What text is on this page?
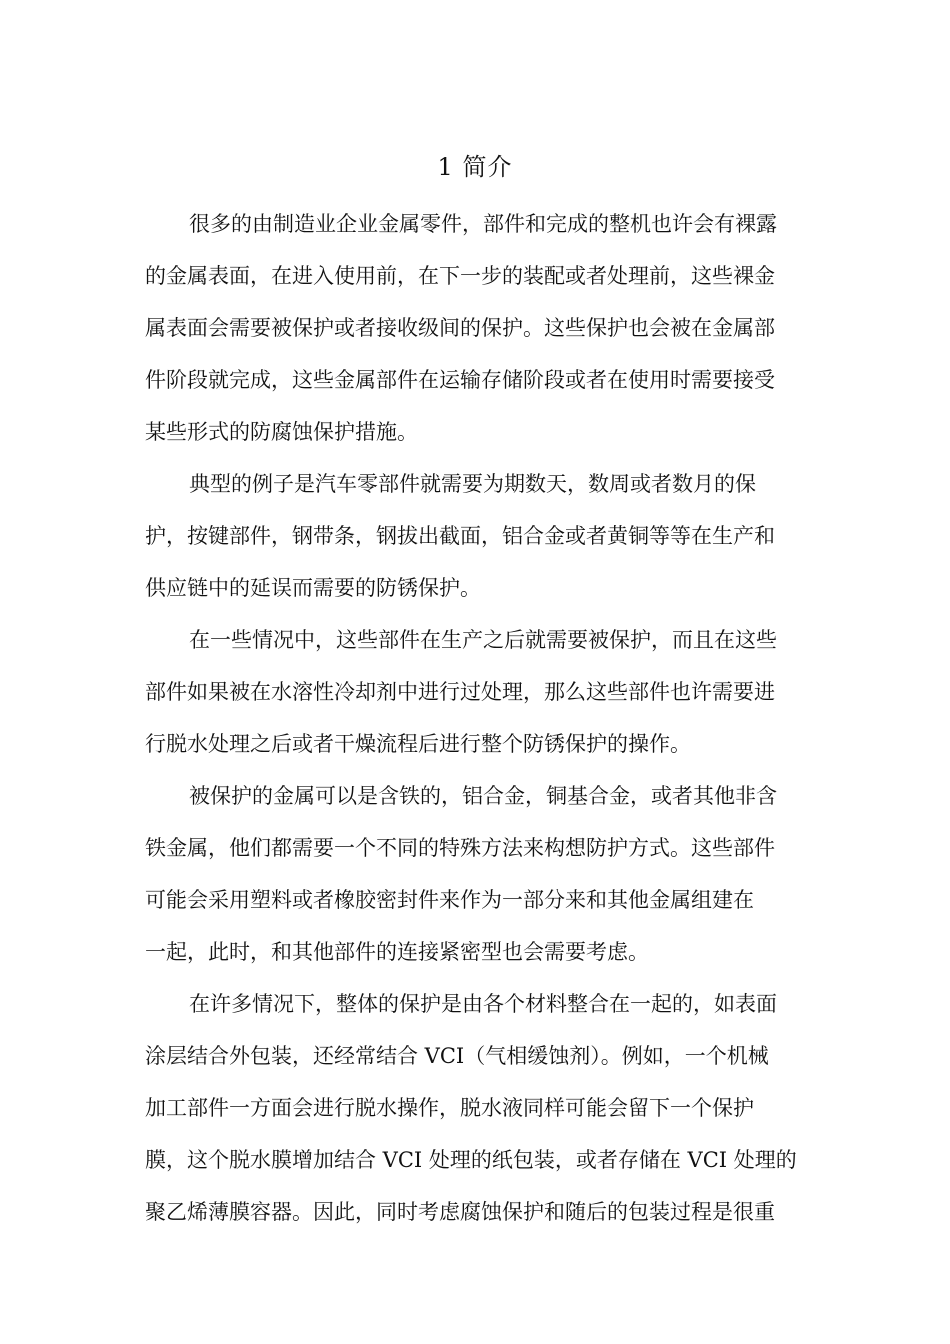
1 简介

很多的由制造业企业金属零件，部件和完成的整机也许会有裸露
的金属表面，在进入使用前，在下一步的装配或者处理前，这些裸金
属表面会需要被保护或者接收级间的保护。这些保护也会被在金属部
件阶段就完成，这些金属部件在运输存储阶段或者在使用时需要接受
某些形式的防腐蚀保护措施。

典型的例子是汽车零部件就需要为期数天，数周或者数月的保
护，按键部件，钢带条，钢拔出截面，铝合金或者黄铜等等在生产和
供应链中的延误而需要的防锈保护。

在一些情况中，这些部件在生产之后就需要被保护，而且在这些
部件如果被在水溶性冷却剂中进行过处理，那么这些部件也许需要进
行脱水处理之后或者干燥流程后进行整个防锈保护的操作。

被保护的金属可以是含铁的，铝合金，铜基合金，或者其他非含
铁金属，他们都需要一个不同的特殊方法来构想防护方式。这些部件
可能会采用塑料或者橡胶密封件来作为一部分来和其他金属组建在
一起，此时，和其他部件的连接紧密型也会需要考虑。

在许多情况下，整体的保护是由各个材料整合在一起的，如表面
涂层结合外包装，还经常结合 VCI（气相缓蚀剂）。例如，一个机械
加工部件一方面会进行脱水操作，脱水液同样可能会留下一个保护
膜，这个脱水膜增加结合 VCI 处理的纸包装，或者存储在 VCI 处理的
聚乙烯薄膜容器。因此，同时考虑腐蚀保护和随后的包装过程是很重
